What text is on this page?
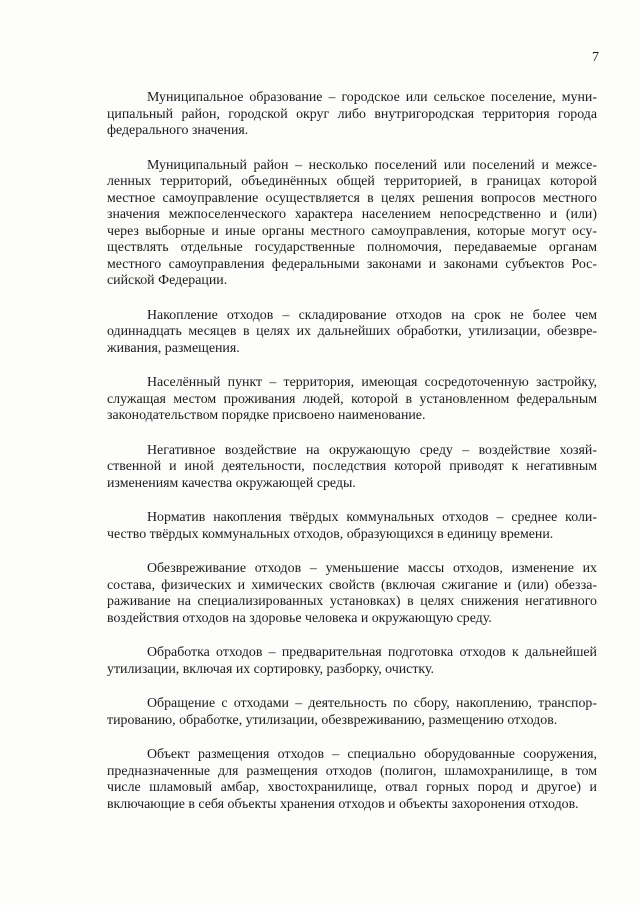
7

Муниципальное образование – городское или сельское поселение, муниципальный район, городской округ либо внутригородская территория города федерального значения.

Муниципальный район – несколько поселений или поселений и межселенных территорий, объединённых общей территорией, в границах которой местное самоуправление осуществляется в целях решения вопросов местного значения межпоселенческого характера населением непосредственно и (или) через выборные и иные органы местного самоуправления, которые могут осуществлять отдельные государственные полномочия, передаваемые органам местного самоуправления федеральными законами и законами субъектов Российской Федерации.

Накопление отходов – складирование отходов на срок не более чем одиннадцать месяцев в целях их дальнейших обработки, утилизации, обезвреживания, размещения.

Населённый пункт – территория, имеющая сосредоточенную застройку, служащая местом проживания людей, которой в установленном федеральным законодательством порядке присвоено наименование.

Негативное воздействие на окружающую среду – воздействие хозяйственной и иной деятельности, последствия которой приводят к негативным изменениям качества окружающей среды.

Норматив накопления твёрдых коммунальных отходов – среднее количество твёрдых коммунальных отходов, образующихся в единицу времени.

Обезвреживание отходов – уменьшение массы отходов, изменение их состава, физических и химических свойств (включая сжигание и (или) обеззараживание на специализированных установках) в целях снижения негативного воздействия отходов на здоровье человека и окружающую среду.

Обработка отходов – предварительная подготовка отходов к дальнейшей утилизации, включая их сортировку, разборку, очистку.

Обращение с отходами – деятельность по сбору, накоплению, транспортированию, обработке, утилизации, обезвреживанию, размещению отходов.

Объект размещения отходов – специально оборудованные сооружения, предназначенные для размещения отходов (полигон, шламохранилище, в том числе шламовый амбар, хвостохранилище, отвал горных пород и другое) и включающие в себя объекты хранения отходов и объекты захоронения отходов.
